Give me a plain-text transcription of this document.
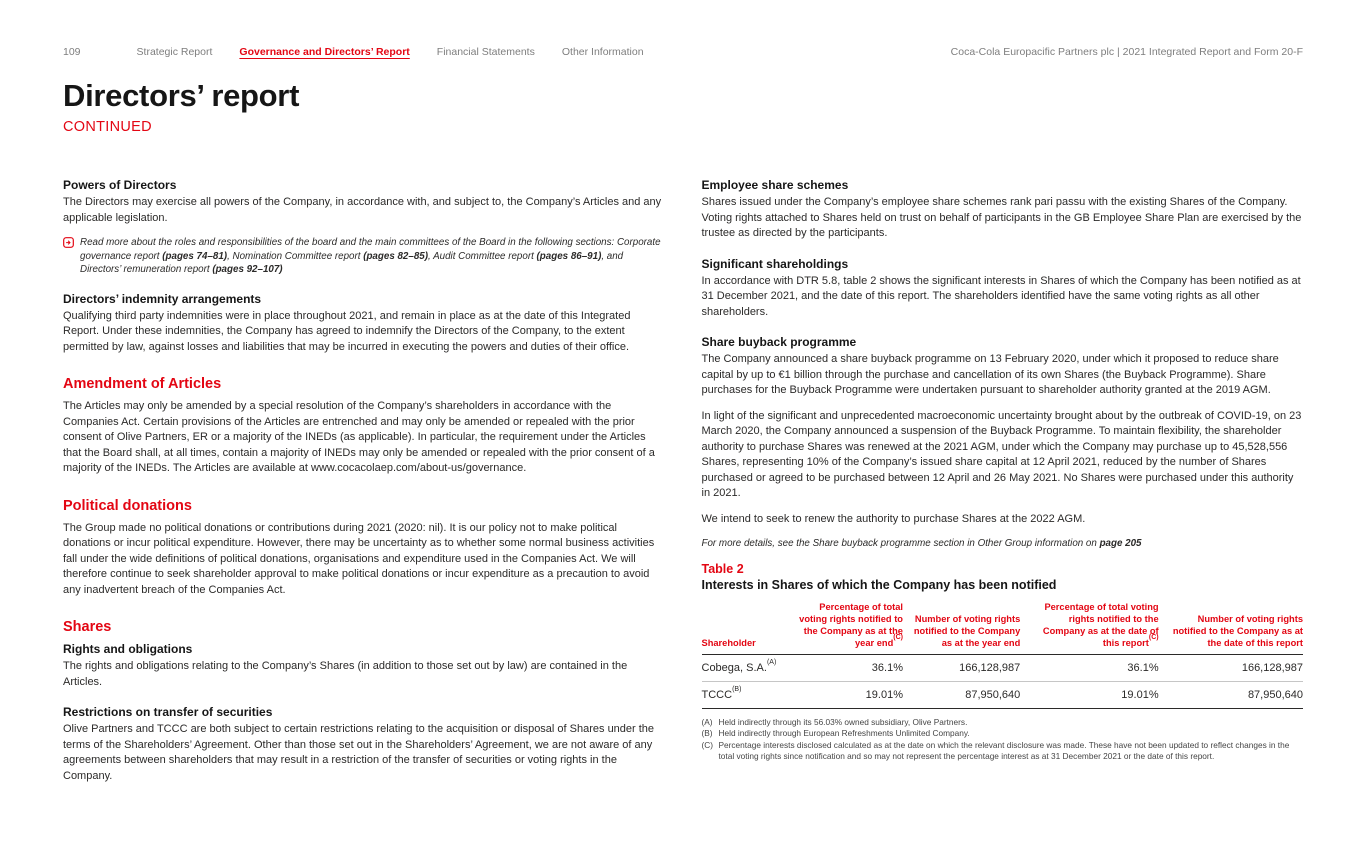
109	Strategic Report	Governance and Directors’ Report	Financial Statements	Other Information	Coca-Cola Europacific Partners plc | 2021 Integrated Report and Form 20-F
Directors’ report
CONTINUED
Powers of Directors

The Directors may exercise all powers of the Company, in accordance with, and subject to, the Company’s Articles and any applicable legislation.

Read more about the roles and responsibilities of the board and the main committees of the Board in the following sections: Corporate governance report (pages 74–81), Nomination Committee report (pages 82–85), Audit Committee report (pages 86–91), and Directors’ remuneration report (pages 92–107)
Directors’ indemnity arrangements

Qualifying third party indemnities were in place throughout 2021, and remain in place as at the date of this Integrated Report. Under these indemnities, the Company has agreed to indemnify the Directors of the Company, to the extent permitted by law, against losses and liabilities that may be incurred in executing the powers and duties of their office.

Amendment of Articles

The Articles may only be amended by a special resolution of the Company’s shareholders in accordance with the Companies Act. Certain provisions of the Articles are entrenched and may only be amended or repealed with the prior consent of Olive Partners, ER or a majority of the INEDs (as applicable). In particular, the requirement under the Articles that the Board shall, at all times, contain a majority of INEDs may only be amended or repealed with the prior consent of a majority of the INEDs. The Articles are available at www.cocacolaep.com/about-us/governance.

Political donations

The Group made no political donations or contributions during 2021 (2020: nil). It is our policy not to make political donations or incur political expenditure. However, there may be uncertainty as to whether some normal business activities fall under the wide definitions of political donations, organisations and expenditure used in the Companies Act. We will therefore continue to seek shareholder approval to make political donations or incur expenditure as a precaution to avoid any inadvertent breach of the Companies Act.

Shares
Rights and obligations

The rights and obligations relating to the Company’s Shares (in addition to those set out by law) are contained in the Articles.

Restrictions on transfer of securities

Olive Partners and TCCC are both subject to certain restrictions relating to the acquisition or disposal of Shares under the terms of the Shareholders’ Agreement. Other than those set out in the Shareholders’ Agreement, we are not aware of any agreements between shareholders that may result in a restriction of the transfer of securities or voting rights in the Company.

Employee share schemes

Shares issued under the Company’s employee share schemes rank pari passu with the existing Shares of the Company. Voting rights attached to Shares held on trust on behalf of participants in the GB Employee Share Plan are exercised by the trustee as directed by the participants.

Significant shareholdings

In accordance with DTR 5.8, table 2 shows the significant interests in Shares of which the Company has been notified as at 31 December 2021, and the date of this report. The shareholders identified have the same voting rights as all other shareholders.

Share buyback programme

The Company announced a share buyback programme on 13 February 2020, under which it proposed to reduce share capital by up to €1 billion through the purchase and cancellation of its own Shares (the Buyback Programme). Share purchases for the Buyback Programme were undertaken pursuant to shareholder authority granted at the 2019 AGM.

In light of the significant and unprecedented macroeconomic uncertainty brought about by the outbreak of COVID-19, on 23 March 2020, the Company announced a suspension of the Buyback Programme. To maintain flexibility, the shareholder authority to purchase Shares was renewed at the 2021 AGM, under which the Company may purchase up to 45,528,556 Shares, representing 10% of the Company’s issued share capital at 12 April 2021, reduced by the number of Shares purchased or agreed to be purchased between 12 April and 26 May 2021. No Shares were purchased under this authority in 2021.

We intend to seek to renew the authority to purchase Shares at the 2022 AGM.

For more details, see the Share buyback programme section in Other Group information on page 205
Table 2
Interests in Shares of which the Company has been notified
Shareholder	Percentage of total voting rights notified to the Company as at the year end$^{(C)}$	Number of voting rights notified to the Company as at the year end	Percentage of total voting rights notified to the Company as at the date of this report$^{(C)}$	Number of voting rights notified to the Company as at the date of this report
Cobega, S.A.$^{(A)}$	36.1%	166,128,987	36.1%	166,128,987
$TCCC^{(B)}$	19.01%	87,950,640	19.01%	87,950,640
(A) Held indirectly through its 56.03% owned subsidiary, Olive Partners.
(B) Held indirectly through European Refreshments Unlimited Company.
(C) Percentage interests disclosed calculated as at the date on which the relevant disclosure was made. These have not been updated to reflect changes in the total voting rights since notification and so may not represent the percentage interest as at 31 December 2021 or the date of this report.
